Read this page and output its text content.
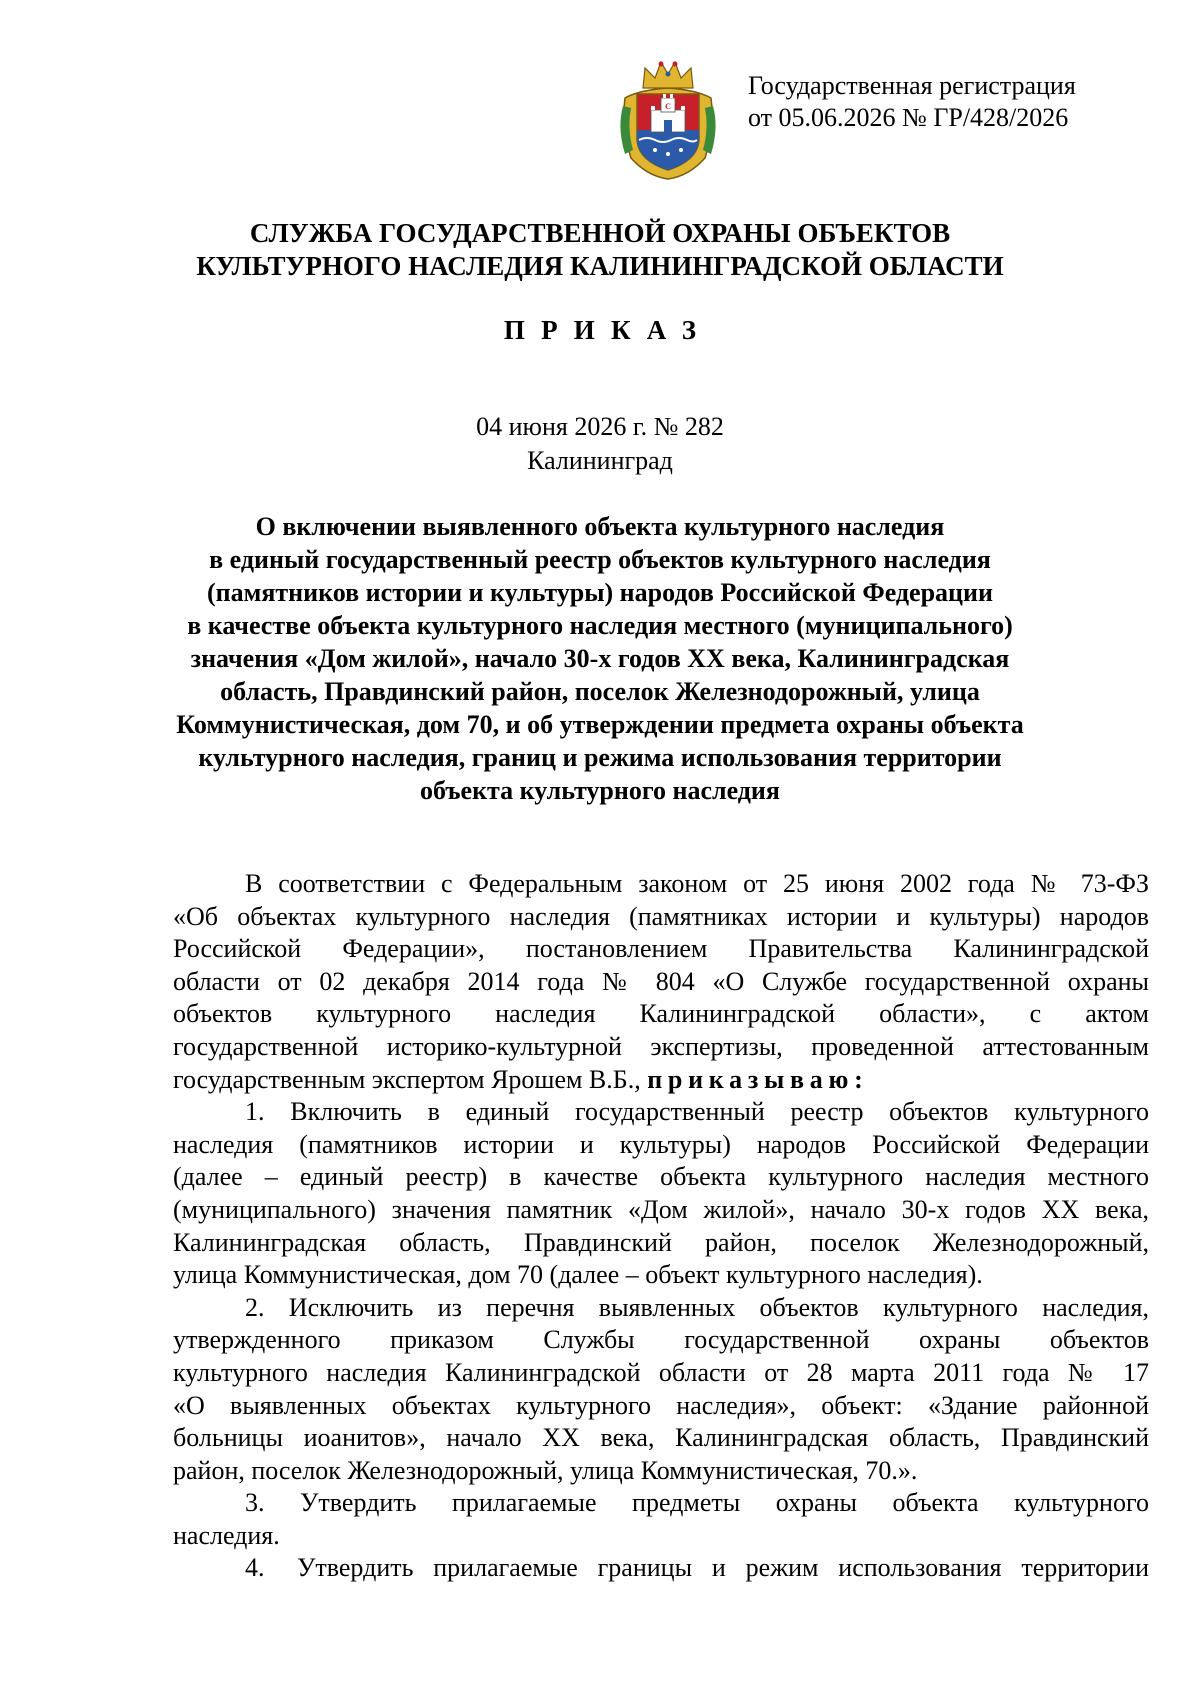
C
Государственная регистрация
от 05.06.2026 № ГР/428/2026
СЛУЖБА ГОСУДАРСТВЕННОЙ ОХРАНЫ ОБЪЕКТОВ
КУЛЬТУРНОГО НАСЛЕДИЯ КАЛИНИНГРАДСКОЙ ОБЛАСТИ
ПРИКАЗ
04 июня 2026 г. № 282
Калининград
О включении выявленного объекта культурного наследия
в единый государственный реестр объектов культурного наследия
(памятников истории и культуры) народов Российской Федерации
в качестве объекта культурного наследия местного (муниципального)
значения «Дом жилой», начало 30-х годов XX века, Калининградская
область, Правдинский район, поселок Железнодорожный, улица
Коммунистическая, дом 70, и об утверждении предмета охраны объекта
культурного наследия, границ и режима использования территории
объекта культурного наследия
В соответствии с Федеральным законом от 25 июня 2002 года № 73-ФЗ
«Об объектах культурного наследия (памятниках истории и культуры) народов
Российской Федерации», постановлением Правительства Калининградской
области от 02 декабря 2014 года № 804 «О Службе государственной охраны
объектов культурного наследия Калининградской области», с актом
государственной историко-культурной экспертизы, проведенной аттестованным
государственным экспертом Ярошем В.Б., приказываю:
1. Включить в единый государственный реестр объектов культурного
наследия (памятников истории и культуры) народов Российской Федерации
(далее – единый реестр) в качестве объекта культурного наследия местного
(муниципального) значения памятник «Дом жилой», начало 30-х годов XX века,
Калининградская область, Правдинский район, поселок Железнодорожный,
улица Коммунистическая, дом 70 (далее – объект культурного наследия).
2. Исключить из перечня выявленных объектов культурного наследия,
утвержденного приказом Службы государственной охраны объектов
культурного наследия Калининградской области от 28 марта 2011 года № 17
«О выявленных объектах культурного наследия», объект: «Здание районной
больницы иоанитов», начало XX века, Калининградская область, Правдинский
район, поселок Железнодорожный, улица Коммунистическая, 70.».
3. Утвердить прилагаемые предметы охраны объекта культурного
наследия.
4. Утвердить прилагаемые границы и режим использования территории
